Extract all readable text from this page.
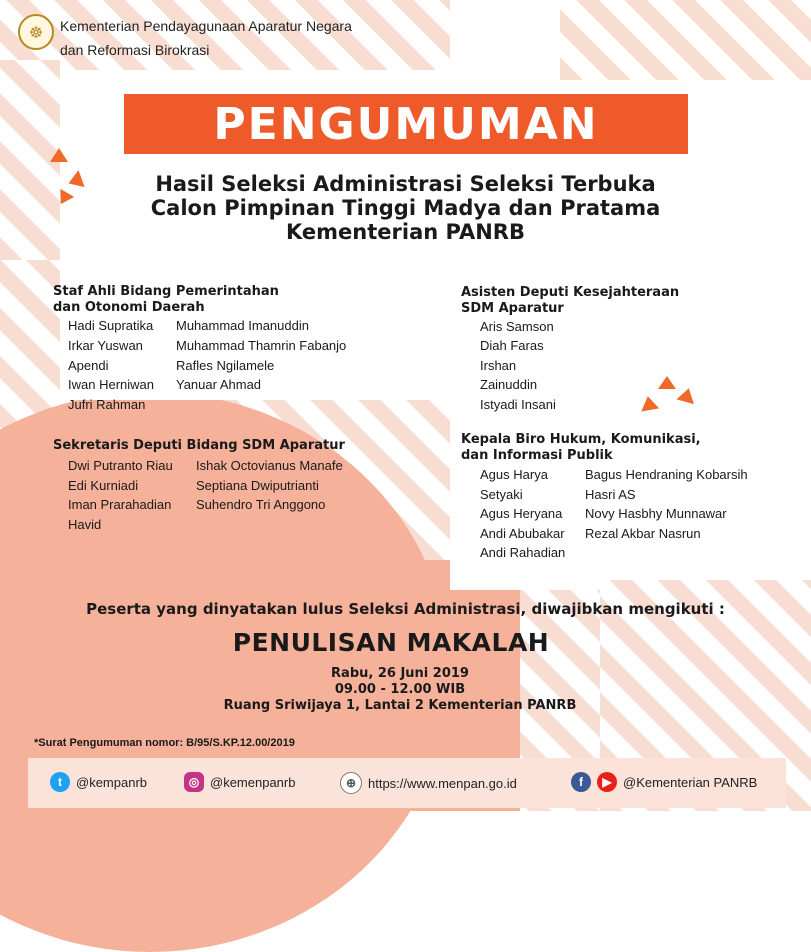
☸	Kementerian Pendayagunaan Aparatur Negara
dan Reformasi Birokrasi
PENGUMUMAN
Hasil Seleksi Administrasi Seleksi Terbuka
Calon Pimpinan Tinggi Madya dan Pratama
Kementerian PANRB
Staf Ahli Bidang Pemerintahan
dan Otonomi Daerah
Hadi Supratika
Irkar Yuswan
Apendi
Iwan Herniwan
Jufri Rahman
Muhammad Imanuddin
Muhammad Thamrin Fabanjo
Rafles Ngilamele
Yanuar Ahmad
Sekretaris Deputi Bidang SDM Aparatur
Dwi Putranto Riau
Edi Kurniadi
Iman Prarahadian
Havid
Ishak Octovianus Manafe
Septiana Dwiputrianti
Suhendro Tri Anggono
Asisten Deputi Kesejahteraan
SDM Aparatur
Aris Samson
Diah Faras
Irshan
Zainuddin
Istyadi Insani
Kepala Biro Hukum, Komunikasi,
dan Informasi Publik
Agus Harya
Setyaki
Agus Heryana
Andi Abubakar
Andi Rahadian
Bagus Hendraning Kobarsih
Hasri AS
Novy Hasbhy Munnawar
Rezal Akbar Nasrun
Peserta yang dinyatakan lulus Seleksi Administrasi, diwajibkan mengikuti :
PENULISAN MAKALAH
Rabu, 26 Juni 2019
09.00 - 12.00 WIB
Ruang Sriwijaya 1, Lantai 2 Kementerian PANRB
*Surat Pengumuman nomor: B/95/S.KP.12.00/2019
t	@kempanrb	◎ @kemenpanrb	⊕ https://www.menpan.go.id	f	▶ @Kementerian PANRB
